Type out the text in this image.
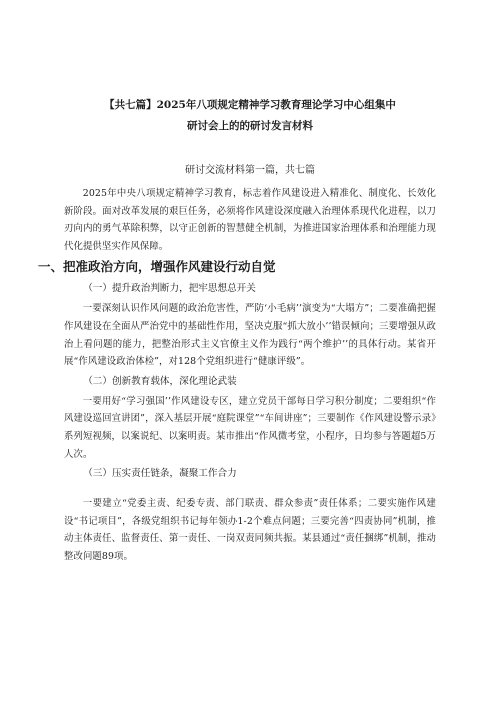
【共七篇】2025年八项规定精神学习教育理论学习中心组集中
研讨会上的的研讨发言材料
研讨交流材料第一篇，共七篇

2025年中央八项规定精神学习教育，标志着作风建设进入精准化、制度化、长效化新阶段。面对改革发展的艰巨任务，必须将作风建设深度融入治理体系现代化进程，以刀刃向内的勇气革除积弊，以守正创新的智慧健全机制，为推进国家治理体系和治理能力现代化提供坚实作风保障。

一、把准政治方向，增强作风建设行动自觉
（一）提升政治判断力，把牢思想总开关

一要深刻认识作风问题的政治危害性，严防‘小毛病’’演变为“大塌方”；二要准确把握作风建设在全面从严治党中的基础性作用，坚决克服“抓大放小’’错误倾向；三要增强从政治上看问题的能力，把整治形式主义官僚主义作为践行“两个维护’’的具体行动。某省开展“作风建设政治体检”，对128个党组织进行“健康评级”。

（二）创新教育载体，深化理论武装

一要用好“学习强国’’作风建设专区，建立党员干部每日学习积分制度；二要组织“作风建设巡回宣讲团”，深入基层开展“庭院课堂”“车间讲座”；三要制作《作风建设警示录》系列短视频，以案说纪、以案明责。某市推出“作风微考堂，小程序，日均参与答题超5万人次。

（三）压实责任链条，凝聚工作合力

一要建立“党委主责、纪委专责、部门联责、群众参责”责任体系；二要实施作风建设“书记项目”，各级党组织书记每年领办1-2个难点问题；三要完善“四责协同”机制，推动主体责任、监督责任、第一责任、一岗双责同频共振。某县通过“责任捆绑”机制，推动整改问题89项。
